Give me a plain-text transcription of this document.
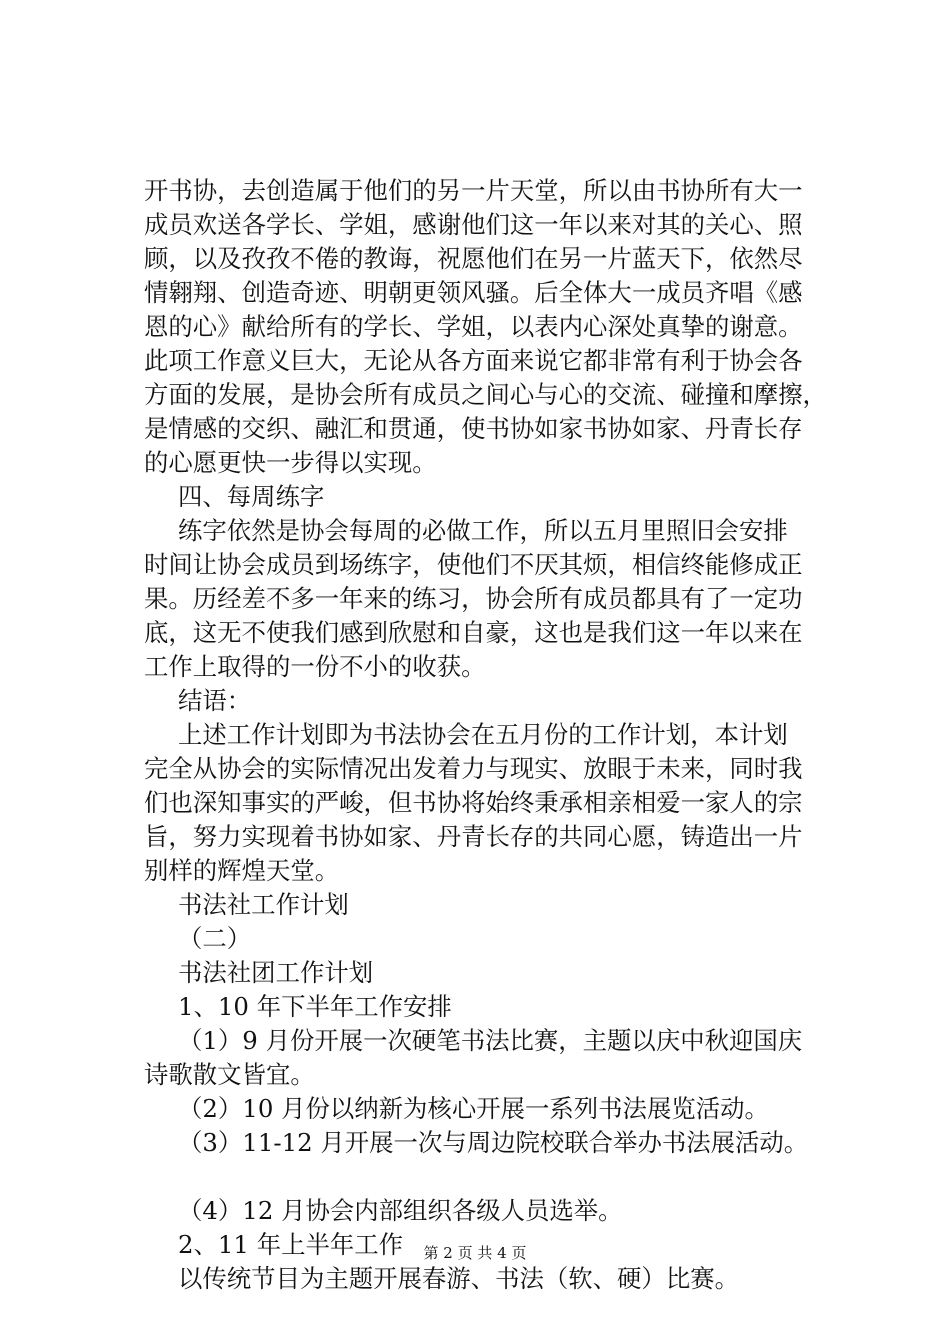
开书协，去创造属于他们的另一片天堂，所以由书协所有大一
成员欢送各学长、学姐，感谢他们这一年以来对其的关心、照
顾，以及孜孜不倦的教诲，祝愿他们在另一片蓝天下，依然尽
情翱翔、创造奇迹、明朝更领风骚。后全体大一成员齐唱《感
恩的心》献给所有的学长、学姐，以表内心深处真挚的谢意。
此项工作意义巨大，无论从各方面来说它都非常有利于协会各
方面的发展，是协会所有成员之间心与心的交流、碰撞和摩擦，
是情感的交织、融汇和贯通，使书协如家书协如家、丹青长存
的心愿更快一步得以实现。
四、每周练字
练字依然是协会每周的必做工作，所以五月里照旧会安排
时间让协会成员到场练字，使他们不厌其烦，相信终能修成正
果。历经差不多一年来的练习，协会所有成员都具有了一定功
底，这无不使我们感到欣慰和自豪，这也是我们这一年以来在
工作上取得的一份不小的收获。
结语：
上述工作计划即为书法协会在五月份的工作计划，本计划
完全从协会的实际情况出发着力与现实、放眼于未来，同时我
们也深知事实的严峻，但书协将始终秉承相亲相爱一家人的宗
旨，努力实现着书协如家、丹青长存的共同心愿，铸造出一片
别样的辉煌天堂。
书法社工作计划
（二）
书法社团工作计划
1、10 年下半年工作安排
（1）9 月份开展一次硬笔书法比赛，主题以庆中秋迎国庆
诗歌散文皆宜。
（2）10 月份以纳新为核心开展一系列书法展览活动。
（3）11-12 月开展一次与周边院校联合举办书法展活动。
（4）12 月协会内部组织各级人员选举。
2、11 年上半年工作
以传统节目为主题开展春游、书法（软、硬）比赛。
第 2 页 共 4 页
